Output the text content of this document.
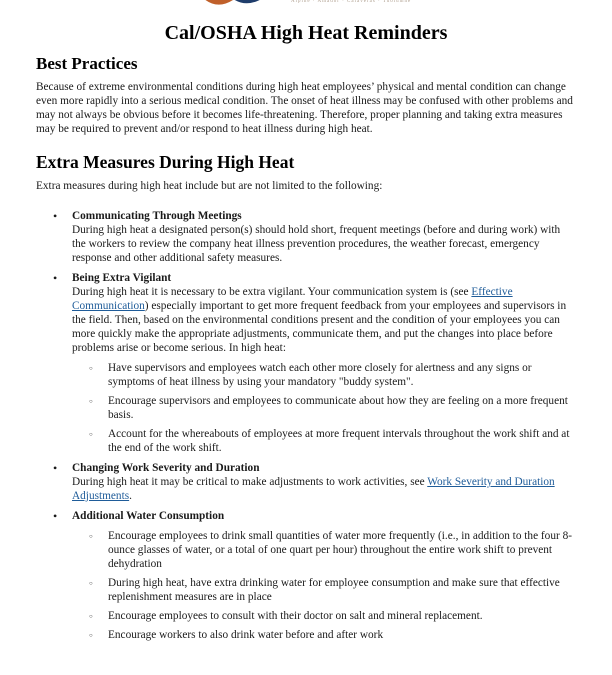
Alpine · Amador · Calaveras · Tuolumne
Cal/OSHA High Heat Reminders
Best Practices

Because of extreme environmental conditions during high heat employees’ physical and mental condition can change even more rapidly into a serious medical condition. The onset of heat illness may be confused with other problems and may not always be obvious before it becomes life-threatening. Therefore, proper planning and taking extra measures may be required to prevent and/or respond to heat illness during high heat.

Extra Measures During High Heat

Extra measures during high heat include but are not limited to the following:

• Communicating Through Meetings
During high heat a designated person(s) should hold short, frequent meetings (before and during work) with the workers to review the company heat illness prevention procedures, the weather forecast, emergency response and other additional safety measures.
• Being Extra Vigilant
During high heat it is necessary to be extra vigilant. Your communication system is (see Effective Communication) especially important to get more frequent feedback from your employees and supervisors in the field. Then, based on the environmental conditions present and the condition of your employees you can more quickly make the appropriate adjustments, communicate them, and put the changes into place before problems arise or become serious. In high heat:
○ Have supervisors and employees watch each other more closely for alertness and any signs or symptoms of heat illness by using your mandatory "buddy system".
○ Encourage supervisors and employees to communicate about how they are feeling on a more frequent basis.
○ Account for the whereabouts of employees at more frequent intervals throughout the work shift and at the end of the work shift.
• Changing Work Severity and Duration
During high heat it may be critical to make adjustments to work activities, see Work Severity and Duration Adjustments.
• Additional Water Consumption
○ Encourage employees to drink small quantities of water more frequently (i.e., in addition to the four 8-ounce glasses of water, or a total of one quart per hour) throughout the entire work shift to prevent dehydration
○ During high heat, have extra drinking water for employee consumption and make sure that effective replenishment measures are in place
○ Encourage employees to consult with their doctor on salt and mineral replacement.
○ Encourage workers to also drink water before and after work
